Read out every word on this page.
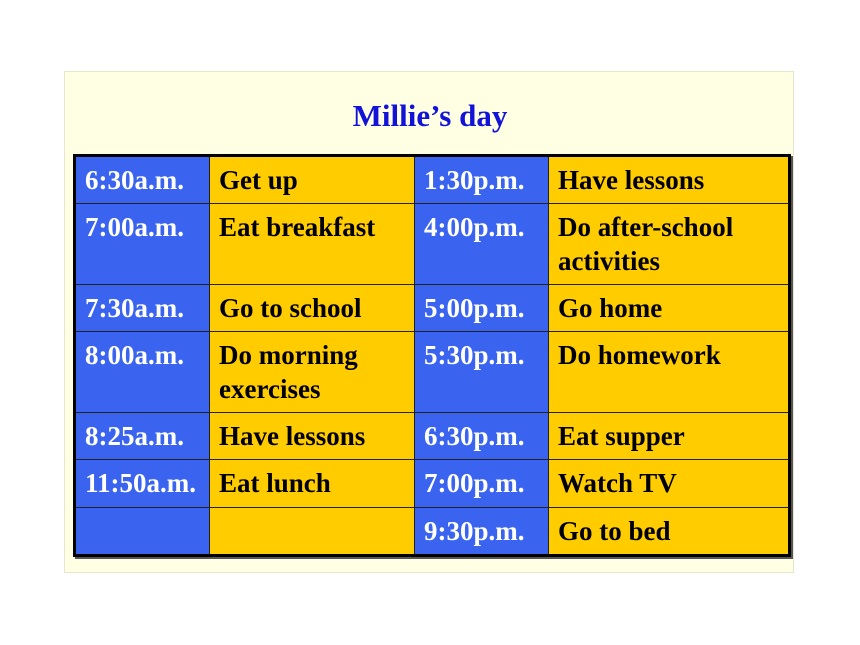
Millie’s day
6:30a.m.	Get up	1:30p.m.	Have lessons
7:00a.m.	Eat breakfast	4:00p.m.	Do after-school activities
7:30a.m.	Go to school	5:00p.m.	Go home
8:00a.m.	Do morning exercises	5:30p.m.	Do homework
8:25a.m.	Have lessons	6:30p.m.	Eat supper
11:50a.m.	Eat lunch	7:00p.m.	Watch TV
		9:30p.m.	Go to bed
